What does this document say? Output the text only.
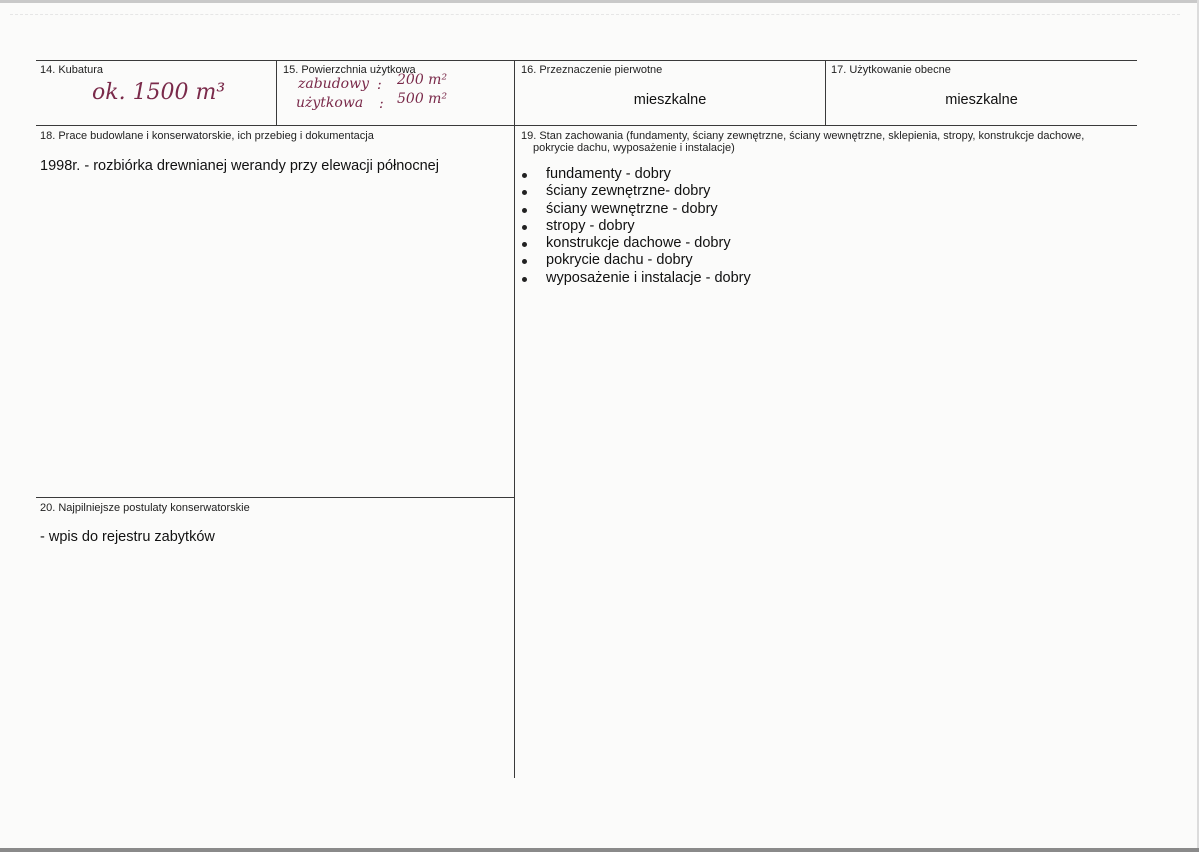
14. Kubatura
ok. 1500 m³
15. Powierzchnia użytkowa
zabudowy : 200 m²
użytkowa : 500 m²
16. Przeznaczenie pierwotne
mieszkalne
17. Użytkowanie obecne
mieszkalne
18. Prace budowlane i konserwatorskie, ich przebieg i dokumentacja
1998r. - rozbiórka drewnianej werandy przy elewacji północnej
19. Stan zachowania (fundamenty, ściany zewnętrzne, ściany wewnętrzne, sklepienia, stropy, konstrukcje dachowe,
pokrycie dachu, wyposażenie i instalacje)
fundamenty - dobry
ściany zewnętrzne- dobry
ściany wewnętrzne - dobry
stropy - dobry
konstrukcje dachowe - dobry
pokrycie dachu - dobry
wyposażenie i instalacje - dobry
20. Najpilniejsze postulaty konserwatorskie
- wpis do rejestru zabytków
